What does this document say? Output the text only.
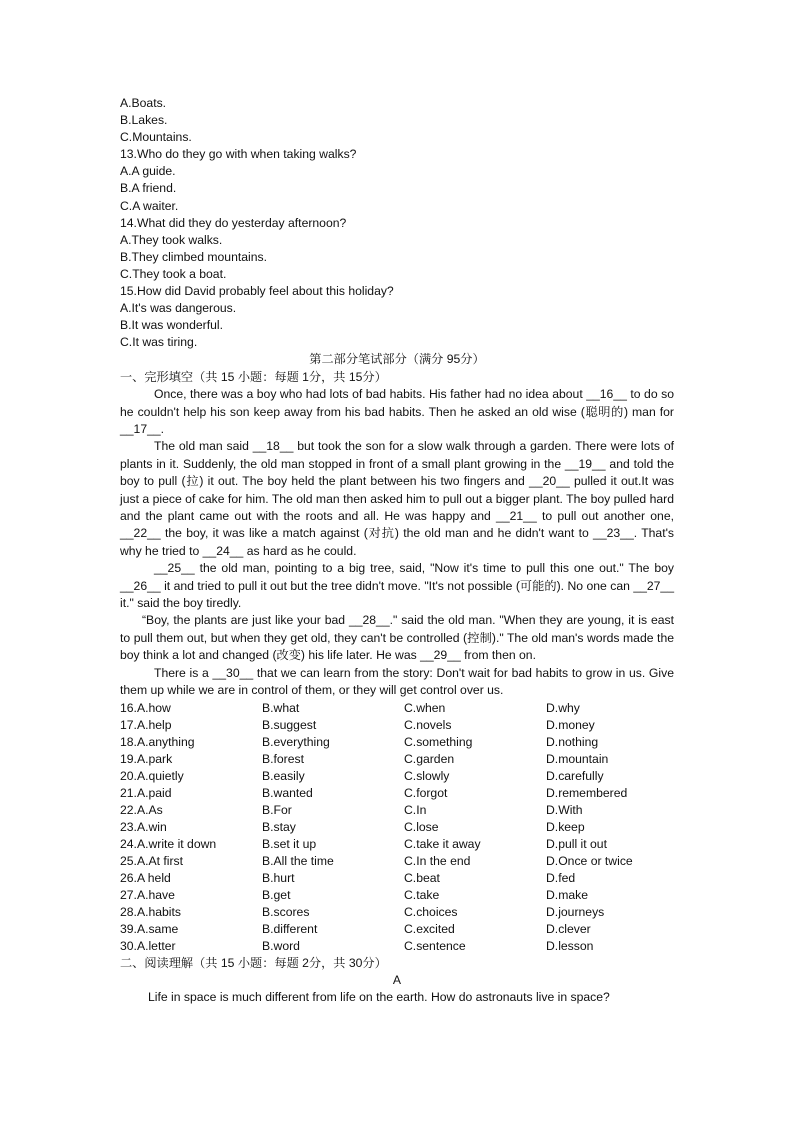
A.Boats.
B.Lakes.
C.Mountains.
13.Who do they go with when taking walks?
A.A guide.
B.A friend.
C.A waiter.
14.What did they do yesterday afternoon?
A.They took walks.
B.They climbed mountains.
C.They took a boat.
15.How did David probably feel about this holiday?
A.It's was dangerous.
B.It was wonderful.
C.It was tiring.
第二部分笔试部分（满分 95分）
一、完形填空（共 15 小题：每题 1分，共 15分）

Once, there was a boy who had lots of bad habits. His father had no idea about __16__ to do so he couldn't help his son keep away from his bad habits. Then he asked an old wise (聪明的) man for __17__.

The old man said __18__ but took the son for a slow walk through a garden. There were lots of plants in it. Suddenly, the old man stopped in front of a small plant growing in the __19__ and told the boy to pull (拉) it out. The boy held the plant between his two fingers and __20__ pulled it out.It was just a piece of cake for him. The old man then asked him to pull out a bigger plant. The boy pulled hard and the plant came out with the roots and all. He was happy and __21__ to pull out another one, __22__ the boy, it was like a match against (对抗) the old man and he didn't want to __23__. That's why he tried to __24__ as hard as he could.

__25__ the old man, pointing to a big tree, said, "Now it's time to pull this one out." The boy __26__ it and tried to pull it out but the tree didn't move. "It's not possible (可能的). No one can __27__ it." said the boy tiredly.

“Boy, the plants are just like your bad __28__." said the old man. "When they are young, it is east to pull them out, but when they get old, they can't be controlled (控制)." The old man's words made the boy think a lot and changed (改变) his life later. He was __29__ from then on.

There is a __30__ that we can learn from the story: Don't wait for bad habits to grow in us. Give them up while we are in control of them, or they will get control over us.

16.A.how	B.what	C.when	D.why
17.A.help	B.suggest	C.novels	D.money
18.A.anything	B.everything	C.something	D.nothing
19.A.park	B.forest	C.garden	D.mountain
20.A.quietly	B.easily	C.slowly	D.carefully
21.A.paid	B.wanted	C.forgot	D.remembered
22.A.As	B.For	C.In	D.With
23.A.win	B.stay	C.lose	D.keep
24.A.write it down	B.set it up	C.take it away	D.pull it out
25.A.At first	B.All the time	C.In the end	D.Once or twice
26.A held	B.hurt	C.beat	D.fed
27.A.have	B.get	C.take	D.make
28.A.habits	B.scores	C.choices	D.journeys
39.A.same	B.different	C.excited	D.clever
30.A.letter	B.word	C.sentence	D.lesson
二、阅读理解（共 15 小题：每题 2分，共 30分）
A

Life in space is much different from life on the earth. How do astronauts live in space?
